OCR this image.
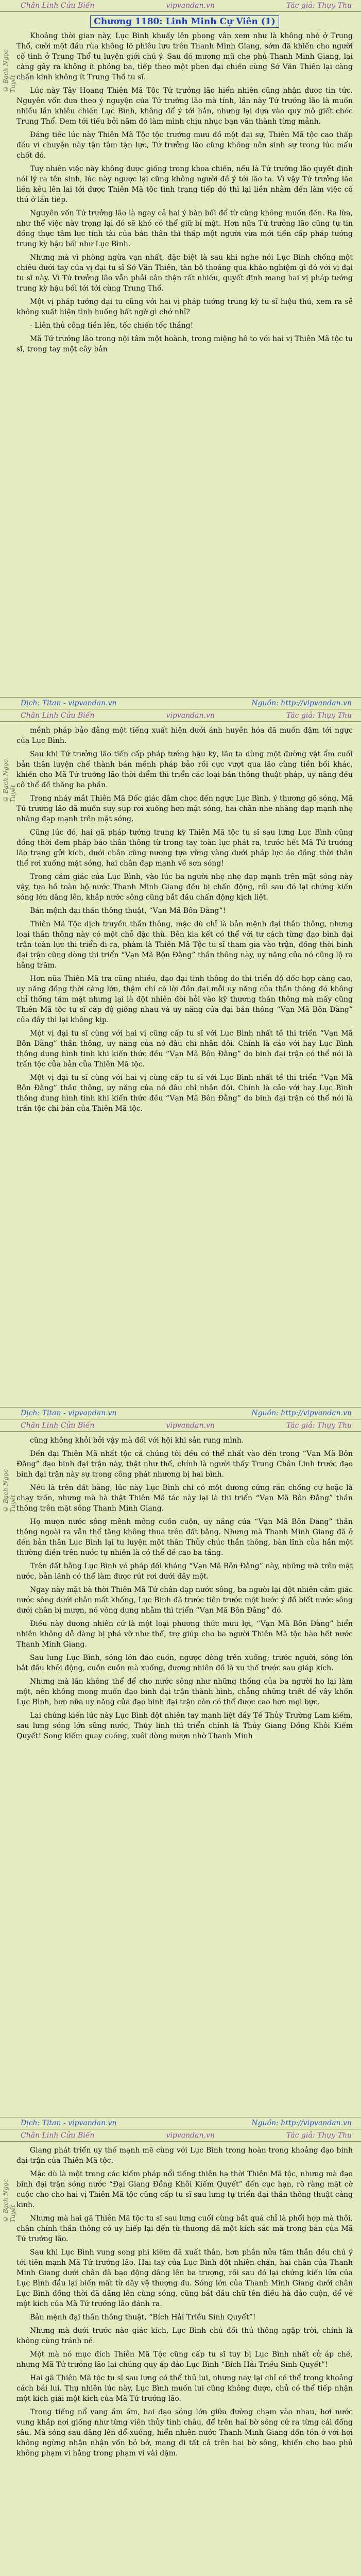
Chân Linh Cửu Biến	vipvandan.vn	Tác giả: Thụy Thu
© Bạch Ngọc Tuyết
Chương 1180: Linh Minh Cự Viên (1)

Khoảng thời gian này, Lục Bình khuấy lên phong vân xem như là không nhỏ ở Trung Thổ, cười một đầu rùa không lỡ phiêu lưu trên Thanh Minh Giang, sớm đã khiến cho người cố tình ở Trung Thổ tu luyện giới chú ý. Sau đó mượng mũ che phủ Thanh Minh Giang, lại càng gây ra không ít phỏng ba, tiếp theo một phen đại chiến cùng Sở Văn Thiên lại càng chấn kinh không ít Trung Thổ tu sĩ.

Lúc này Tây Hoang Thiên Mã Tộc Tứ trưởng lão hiển nhiên cũng nhận được tin tức. Nguyên vốn đưa theo ý nguyện của Tứ trưởng lão mà tính, lần này Tứ trưởng lão là muốn nhiều lần khiêu chiến Lục Bình, không để ý tới hắn, nhưng lại dựa vào quy mô giết chóc Trung Thổ. Đem tới tiếu bởi năm đó làm mình chịu nhục bạn văn thành từng mảnh.

Đáng tiếc lúc này Thiên Mã Tộc tộc trưởng mưu đồ một đại sự, Thiên Mã tộc cao thấp đều vì chuyện này tận tâm tận lực, Tứ trưởng lão cũng không nên sinh sự trong lúc mấu chốt đó.

Tuy nhiên việc này không được giống trong khoa chiến, nếu là Tứ trưởng lão quyết định nói lý ra tên sinh, lúc này ngược lại cũng không người đề ý tới lão ta. Vì vậy Tứ trưởng lão liền kêu lên lai tới được Thiên Mã tộc tình trạng tiếp đó thì lại liền nhằm đến làm việc cố thủ ở lần tiếp.

Nguyên vốn Tứ trưởng lão là ngay cả hai ý bàn bối để từ cũng không muốn đến. Ra lừa, như thể việc này trọng lại đó sẽ khó có thể giữ bí mật. Hơn nữa Tứ trưởng lão cũng tự tin đồng thực tâm lực tính tài của bản thân thì thấp một người vừa mới tiến cấp pháp tướng trung kỳ hậu bối như Lục Bình.

Nhưng mà vì phòng ngừa vạn nhất, đặc biệt là sau khi nghe nói Lục Bình chống một chiêu dưới tay của vị đại tu sĩ Sở Văn Thiên, tàn bộ thoáng qua khảo nghiệm gì đó với vị đại tu sĩ này. Vì Tứ trưởng lão vẫn phải cân thận rất nhiều, quyết định mang hai vị pháp tướng trung kỳ hậu bối tới tới cùng Trung Thổ.

Một vị pháp tướng đại tu cũng với hai vị pháp tướng trung kỳ tu sĩ hiệu thủ, xem ra sẽ không xuất hiện tình huống bất ngờ gì chớ nhỉ?

- Liên thủ công tiền lên, tốc chiến tốc thắng!

Mã Tử trưởng lão trong nội tâm một hoành, trong miệng hô to với hai vị Thiên Mã tộc tu sĩ, trong tay một cây bản

Dịch: Titan - vipvandan.vn	Nguồn: http://vipvandan.vn
Chân Linh Cửu Biến	vipvandan.vn	Tác giả: Thụy Thu
© Bạch Ngọc Tuyết

mềnh pháp bảo đằng một tiếng xuất hiện dưới ánh huyền hóa đã muốn đậm tới ngực của Lục Bình.

Sau khi Tứ trưởng lão tiến cấp pháp tướng hậu kỳ, lão ta dùng một đường vật ẩm cuối bản thân luyện chế thành bán mềnh pháp bảo rồi cực vượt qua lão cùng tiền bối khác, khiến cho Mã Tử trưởng lão thời điểm thi triển các loại bản thông thuật pháp, uy năng đều cô thể đề thăng ba phần.

Trong nháy mắt Thiên Mã Đốc giác đâm chọc đến ngực Lục Bình, ý thương gõ sóng, Mã Tứ trưởng lão đã muốn suy sụp rơi xuống hơn mặt sóng, hai chân nhe nhàng đạp mạnh nhẹ nhàng đạp mạnh trên mặt sóng.

Cũng lúc đó, hai gã pháp tướng trung kỳ Thiên Mã tộc tu sĩ sau lưng Lục Bình cũng đồng thời đem pháp bảo thân thông từ trong tay toàn lực phát ra, trước hết Mã Tử trưởng lão trạng gửi kích, dưới chân cũng nương tựa vững vàng dưới pháp lực áo đồng thời thân thể rơi xuống mặt sóng, hai chân đạp mạnh về sơn sóng!

Trong cảm giác của Lục Bình, vào lúc ba người nhẹ nhẹ đạp mạnh trên mặt sóng này vậy, tựa hồ toàn bộ nước Thanh Minh Giang đều bị chấn động, rồi sau đó lại chứng kiến sóng lớn dâng lên, khắp nước sông cũng bắt đầu chấn động kịch liệt.

Bản mệnh đại thần thông thuật, “Vạn Mã Bôn Đằng”!

Thiên Mã Tộc dịch truyền thần thông, mặc dù chỉ là bản mệnh đại thần thông, nhưng loại thần thông này có một chỗ đặc thù. Bên kia kết có thể với tư cách từng đạo binh đại trận toàn lực thi triển đi ra, phàm là Thiên Mã Tộc tu sĩ tham gia vào trận, đồng thời binh đại trận cũng dòng thi triển “Vạn Mã Bôn Đằng” thần thông này, uy năng của nó cũng lộ ra hằng trăm.

Hơn nữa Thiên Mã tra cũng nhiều, đạo đại tinh thông do thi triển độ dốc hợp càng cao, uy năng đồng thời càng lớn, thậm chí có lời đồn đại mỗi uy năng của thần thông đó không chỉ thống tầm mặt nhưng lại là đột nhiên đòi hỏi vào kỹ thương thần thông mà mấy cũng Thiên Mã tộc tu sĩ cấp độ giống nhau và uy năng của đại bản thông “Vạn Mã Bôn Đằng” của đây thì lại không kịp.

Một vị đại tu sĩ cùng với hai vị cũng cấp tu sĩ với Lục Bình nhất tề thi triển “Vạn Mã Bôn Đằng” thần thông, uy năng của nó đâu chỉ nhân đôi. Chính là cảo với hay Lục Bình thông dung hình tinh khi kiến thức đều “Vạn Mã Bôn Đằng” do binh đại trận có thể nói là trấn tộc của bản của Thiên Mã tộc.

Một vị đại tu sĩ cùng với hai vị cùng cấp tu sĩ với Lục Bình nhất tề thi triển “Vạn Mã Bôn Đằng” thần thông, uy năng của nó đâu chỉ nhân đôi. Chính là cảo với hay Lục Bình thông dung hình tinh khi kiến thức đều “Vạn Mã Bôn Đằng” do binh đại trận có thể nói là trấn tộc chi bản của Thiên Mã tộc.

Dịch: Titan - vipvandan.vn	Nguồn: http://vipvandan.vn
Chân Linh Cửu Biến	vipvandan.vn	Tác giả: Thụy Thu
© Bạch Ngọc Tuyết

cũng không khỏi bởi vậy mà đối với hội khi sản rung mình.

Đến đại Thiên Mã nhất tộc cả chúng tôi đều có thể nhất vào đến trong “Vạn Mã Bôn Đằng” đạo binh đại trận này, thật như thế, chính là người thấy Trung Chân Linh trước đạo binh đại trận này sự trong công phát nhương bị hai bình.

Nếu là trên đất bằng, lúc này Lục Bình chỉ có một đương cứng rắn chống cự hoặc là chạy trốn, nhưng mà hà thật Thiên Mã tác này lại là thi triển “Vạn Mã Bôn Đằng” thần thông trên mặt sông Thanh Minh Giang.

Họ mượn nước sông mênh mông cuồn cuộn, uy năng của “Vạn Mã Bôn Đằng” thần thông ngoài ra vẫn thể tăng không thua trên đất bằng. Nhưng mà Thanh Minh Giang đã ở đến bản thân Lục Bình lại tu luyện một thân Thủy chúc thần thông, bàn lĩnh của hắn một thường điền trên nước tự nhiên là có thể đề cao ba tầng.

Trên đất bằng Lục Bình vó pháp đối kháng “Vạn Mã Bôn Đằng” này, những mà trên mặt nước, bản lãnh có thể làm được rút rơi dưới đây một.

Ngay này mặt bà thời Thiên Mã Tứ chân đạp nước sông, ba người lại đột nhiên cảm giác nước sông dưới chân mất khống, Lục Bình đã trước tiên trước một bước ý đồ biết nước sông dưới chân bị mượn, nó vòng dung nhằm thì triển “Vạn Mã Bôn Đằng” đó.

Điều này dương nhiên cứ là một loại phương thức mưu lợi, “Vạn Mã Bôn Đằng” hiển nhiên không dễ dàng bị phá vỡ như thế, trợ giúp cho ba người Thiên Mã tộc hào hết nước Thanh Minh Giang.

Sau lưng Lục Bình, sóng lớn đảo cuồn, ngược dòng trên xuống; trước người, sóng lớn bắt đầu khởi động, cuồn cuồn mà xuống, đương nhiên đồ là xu thế trước sau giáp kích.

Nhưng mà lần không thể để cho nước sông như những thống của ba người họ lại làm một, nên không mong muốn đạo binh đại trận thành hình, chẳng những triết để vây khốn Lục Bình, hơn nữa uy năng của đạo binh đại trận còn có thể được cao hơn mọi bực.

Lại chứng kiến lúc này Lục Bình đột nhiên tay mạnh liệt đầy Tế Thủy Trường Lam kiếm, sau lưng sóng lớn sững nước, Thủy linh thì triển chính là Thủy Giang Đồng Khôi Kiếm Quyết! Song kiếm quay cuồng, xuôi dòng mượn nhờ Thanh Minh

Dịch: Titan - vipvandan.vn	Nguồn: http://vipvandan.vn
Chân Linh Cửu Biến	vipvandan.vn	Tác giả: Thụy Thu
© Bạch Ngọc Tuyết

Giang phát triển uy thế mạnh mẽ cùng với Lục Bình trong hoàn trong khoảng đạo binh đại trận của Thiên Mã tộc.

Mặc dù là một trong các kiếm pháp nổi tiếng thiên hạ thời Thiên Mã tộc, nhưng mà đạo binh đại trận sóng nước “Đại Giang Đồng Khôi Kiếm Quyết” đến cục hạn, rõ ràng mặt cờ cuộc cho cho hai vị Thiên Mã tộc cũng cấp tu sĩ sau lưng tự triển đại thần thông thuật cảng kinh.

Nhưng mà hai gã Thiên Mã tộc tu sĩ sau lưng cuối cùng bắt quá chỉ là phối hợp mà thôi, chân chính thần thông có uy hiếp lại đến từ thương đã một kích sắc mà trong bản của Mã Tứ trưởng lão.

Sau khi Lục Bình vung song phi kiếm đã xuất thân, hơn phân nửa tâm thần đều chú ý tới tiên mạnh Mã Tứ trưởng lão. Hai tay của Lục Bình đột nhiên chấn, hai chân của Thanh Minh Giang dưới chân đã bạo động dâng lên ba trượng, rồi sau đó lại chứng kiến lửa của Lục Bình đầu lại biến mất từ dây vệ thượng đu. Sóng lớn của Thanh Minh Giang dưới chân Lục Bình đồng thời đã dâng lên cùng sóng, cũng bắt đầu chữ tên điều hà đảo cuộn, để vẻ một kích của Mã Tứ trưởng lão đánh ra.

Bản mệnh đại thần thông thuật, “Bích Hải Triều Sinh Quyết”!

Nhưng mà dưới trước nào giác kích, Lục Bình chủ đối thủ thông ngập trời, chính là không cùng tránh né.

Một mà nó mục đích Thiên Mã Tộc cũng cấp tu sĩ tuy bị Lục Bình nhất cử áp chế, nhưng Mã Tứ trưởng lão lại chúng quy áp đảo Lục Bình “Bích Hải Triều Sinh Quyết”!

Hai gã Thiên Mã tộc tu sĩ sau lưng có thể thủ lui, nhưng nay lại chỉ có thể trong khoảng cách bái lui. Thụ nhiên lúc này, Lục Bình muốn lui cũng không được, chủ có thể tiếp nhận một kích giải một kích của Mã Tứ trưởng lão.

Trong tiếng nổ vang ầm ầm, hai đạo sóng lớn giữa đường chạm vào nhau, hơi nước vung khắp nơi giống như từng viên thủy tinh châu, để trên hai bờ sông cứ ra từng cái đống sâu. Mà sóng sau dâng lên đổ xuống, hiển nhiên nước Thanh Minh Giang dồn tồn ở với hơi không ngừng nhận nhận vốn bỏ bở, mang đi tất cả trên hai bờ sông, khiến cho bao phủ không phạm vi hằng trong phạm vi vài dặm.
